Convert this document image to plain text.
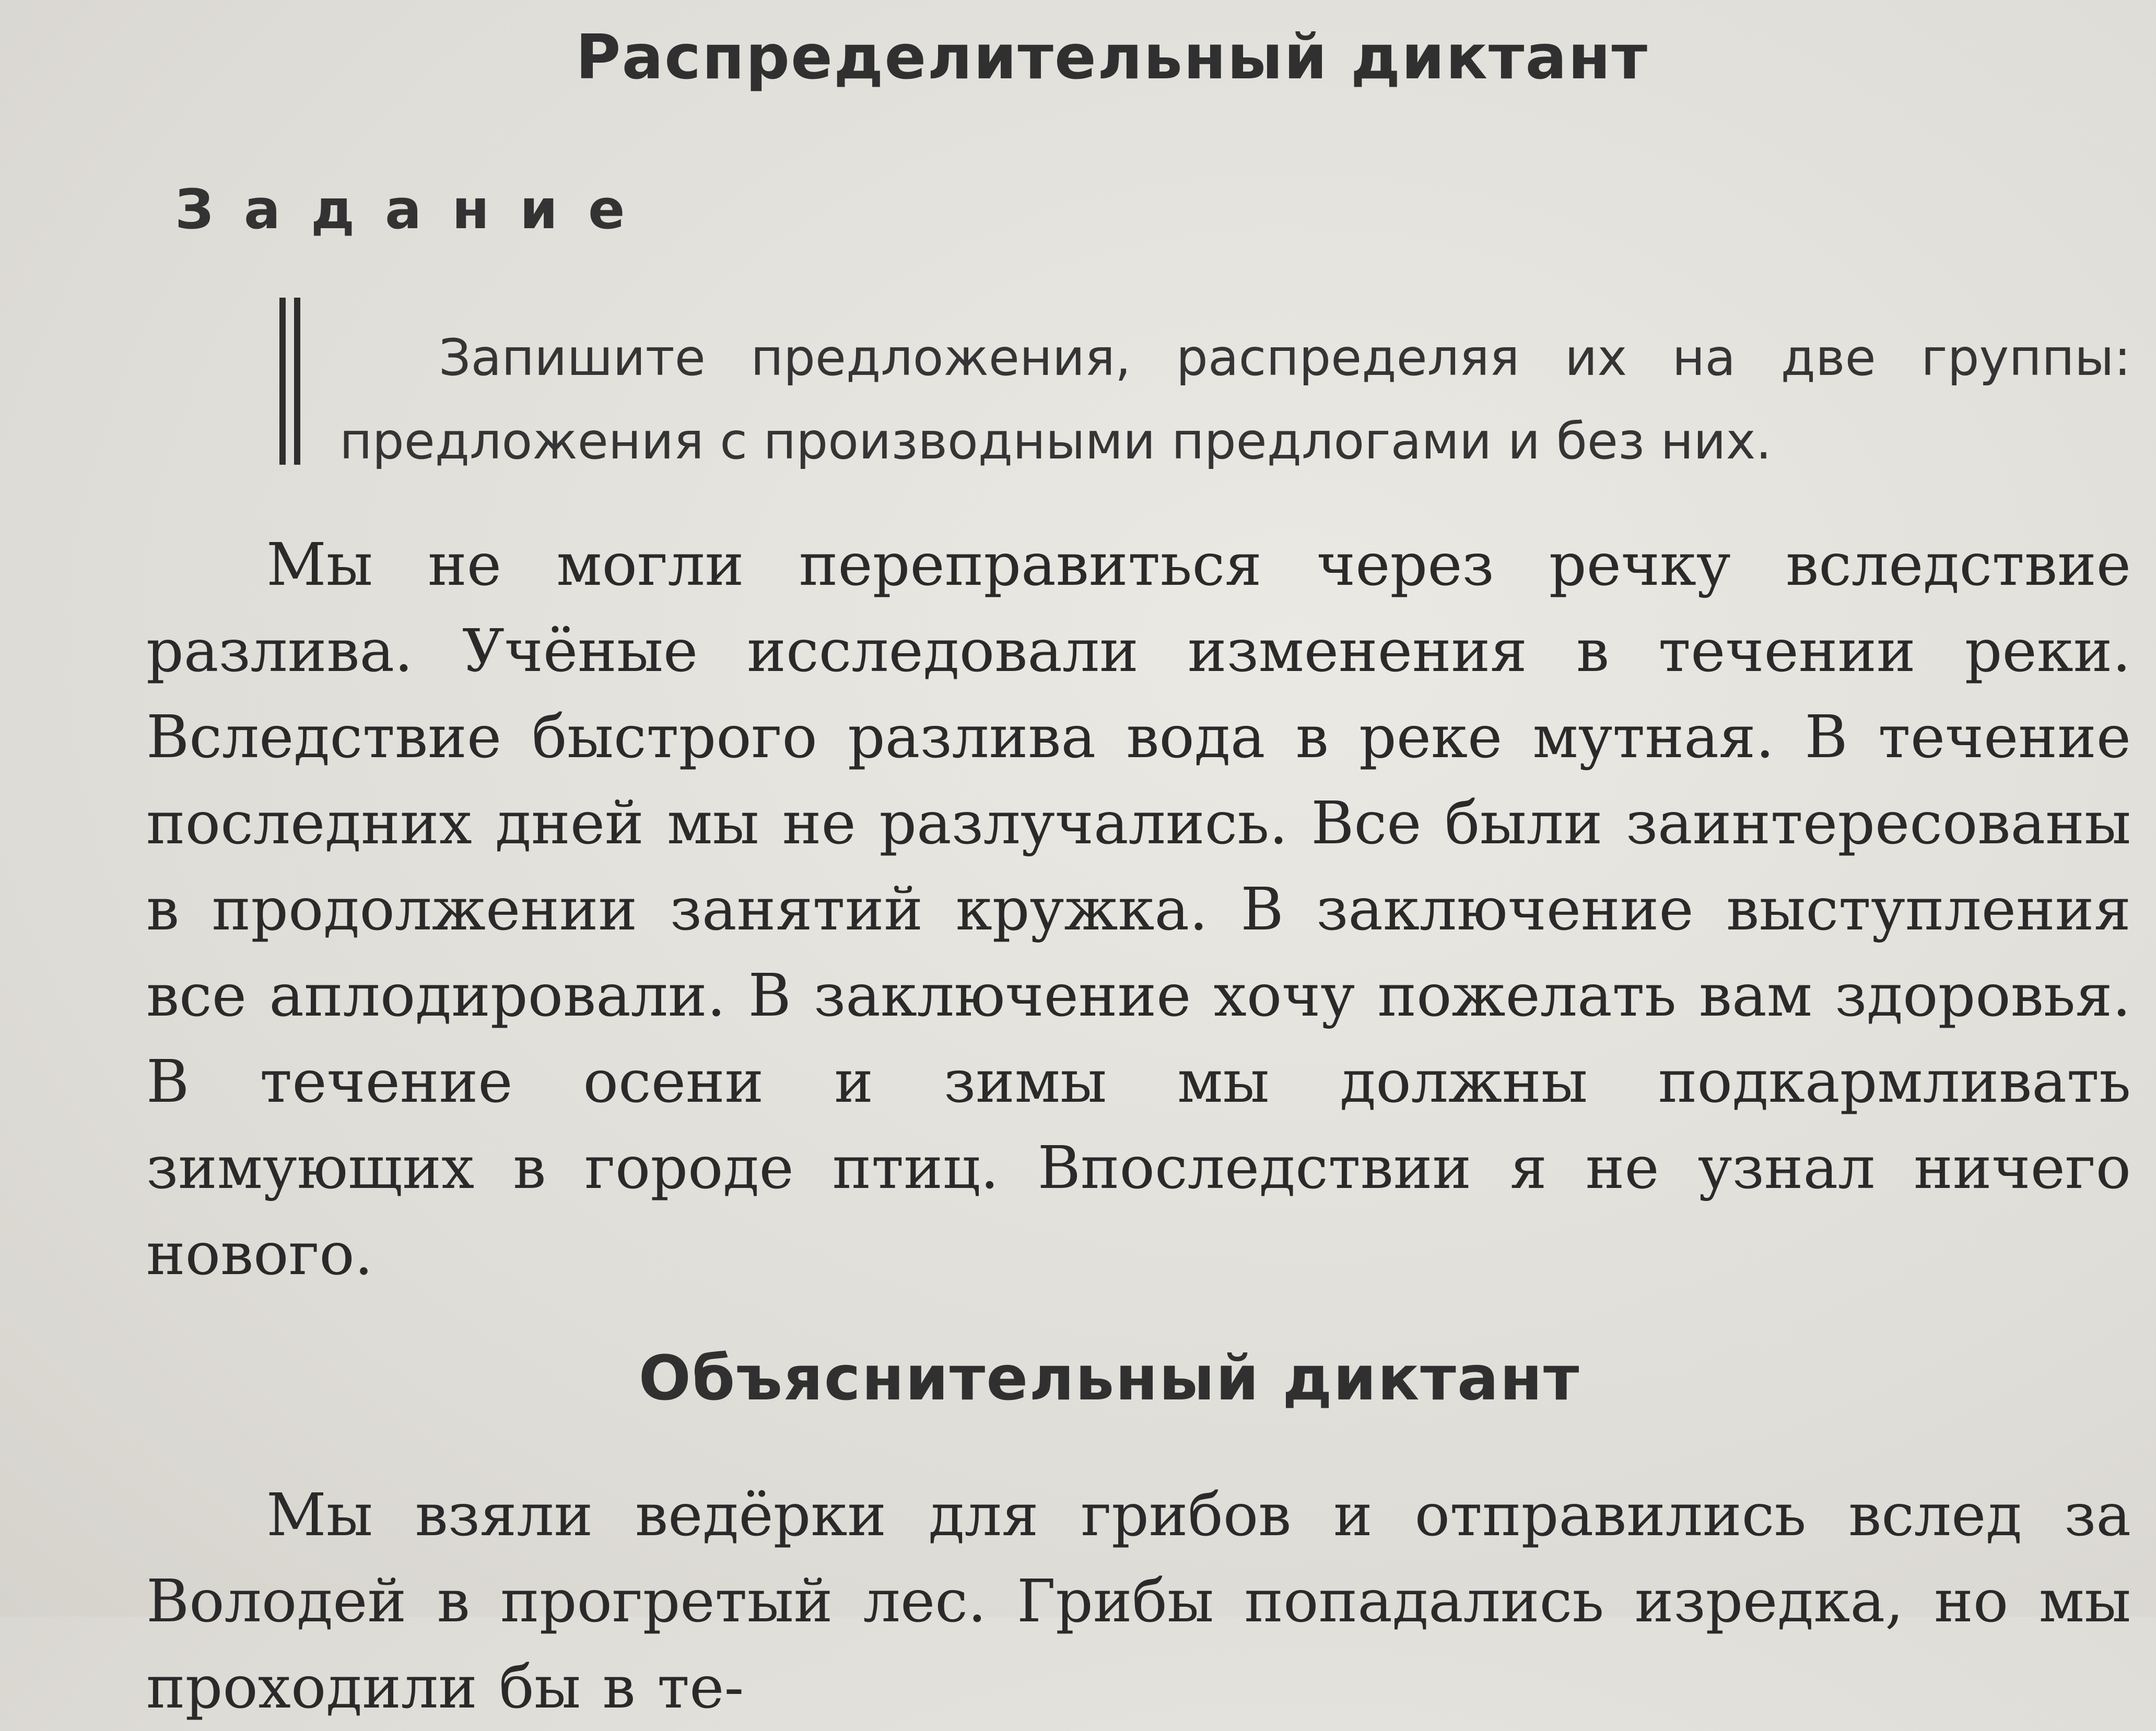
Распределительный диктант
Задание
Запишите предложения, распределяя их на две группы: предложения с производными предлогами и без них.
Мы не могли переправиться через речку вследствие разлива. Учёные исследовали изменения в течении реки. Вследствие быстрого разлива вода в реке мутная. В течение последних дней мы не разлучались. Все были заинтересованы в продолжении занятий кружка. В заключение выступления все аплодировали. В заключение хочу пожелать вам здоровья. В течение осени и зимы мы должны подкармливать зимующих в городе птиц. Впоследствии я не узнал ничего нового.
Объяснительный диктант
Мы взяли ведёрки для грибов и отправились вслед за Володей в прогретый лес. Грибы попадались изредка, но мы проходили бы в те-
